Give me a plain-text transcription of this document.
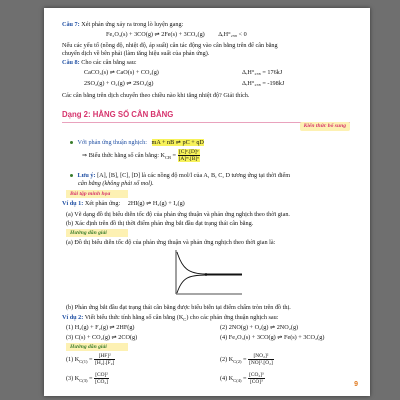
Câu 7: Xét phản ứng xảy ra trong lò luyện gang:
Fe₂O₃(s) + 3CO(g) ⇌ 2Fe(s) + 3CO₂(g) ΔᵣH°₂₉₈ < 0
Nếu các yếu tố (nồng độ, nhiệt độ, áp suất) cân tác động vào cân bằng trên để cân bằng
chuyển dịch về bên phải (làm tăng hiệu suất của phản ứng).
Câu 8: Cho các cân bằng sau:
CaCO₃(s) ⇌ CaO(s) + CO₂(g)	ΔᵣH°₂₉₈ = 176kJ
2SO₂(g) + O₂(g) ⇌ 2SO₃(g)	ΔᵣH°₂₉₈ = -198kJ
Các cân bằng trên dịch chuyển theo chiều nào khi tăng nhiệt độ? Giải thích.
Dạng 2: HẰNG SỐ CÂN BẰNG
Kiến thức bổ sung
Với phản ứng thuận nghịch: mA + nB ⇌ pC + qD
⇒ Biểu thức hằng số cân bằng: $K_{CB} = \frac{\text{[C]ᵖ.[D]ᵠ}}{\text{[A]ᵐ.[B]ⁿ}}$
Lưu ý: [A], [B], [C], [D] là các nồng độ mol/l của A, B, C, D tương ứng tại thời điểm
cân bằng (không phải số mol).
Bài tập minh họa
Ví dụ 1: Xét phản ứng: 2HI(g) ⇌ H₂(g) + I₂(g)
(a) Vẽ dạng đồ thị biểu diễn tốc độ của phản ứng thuận và phản ứng nghịch theo thời gian.
(b) Xác định trên đồ thị thời điểm phản ứng bắt đầu đạt trạng thái cân bằng.
Hướng dẫn giải
(a) Đồ thị biểu diễn tốc độ của phản ứng thuận và phản ứng nghịch theo thời gian là:
(b) Phản ứng bắt đầu đạt trạng thái cân bằng được biểu biễn tại điểm chấm tròn trên đồ thị.
Ví dụ 2: Viết biểu thức tính hằng số cân bằng $(K_C)$ cho các phản ứng thuận nghịch sau:
(1) H₂(g) + F₂(g) ⇌ 2HF(g)	(2) 2NO(g) + O₂(g) ⇌ 2NO₂(g)
(3) C(s) + CO₂(g) ⇌ 2CO(g)	(4) Fe₂O₃(s) + 3CO(g) ⇌ Fe(s) + 3CO₂(g)
Hướng dẫn giải
(1) $K_{C(1)} = \frac{\text{[HF]²}}{\text{[H₂].[F₂]}}$	(2) $K_{C(2)} = \frac{\text{[NO₂]²}}{\text{[NO]².[O₂]}}$
(3) $K_{C(3)} = \frac{\text{[CO]²}}{\text{[CO₂]}}$	(4) $K_{C(4)} = \frac{\text{[CO₂]³}}{\text{[CO]³}}$	9
